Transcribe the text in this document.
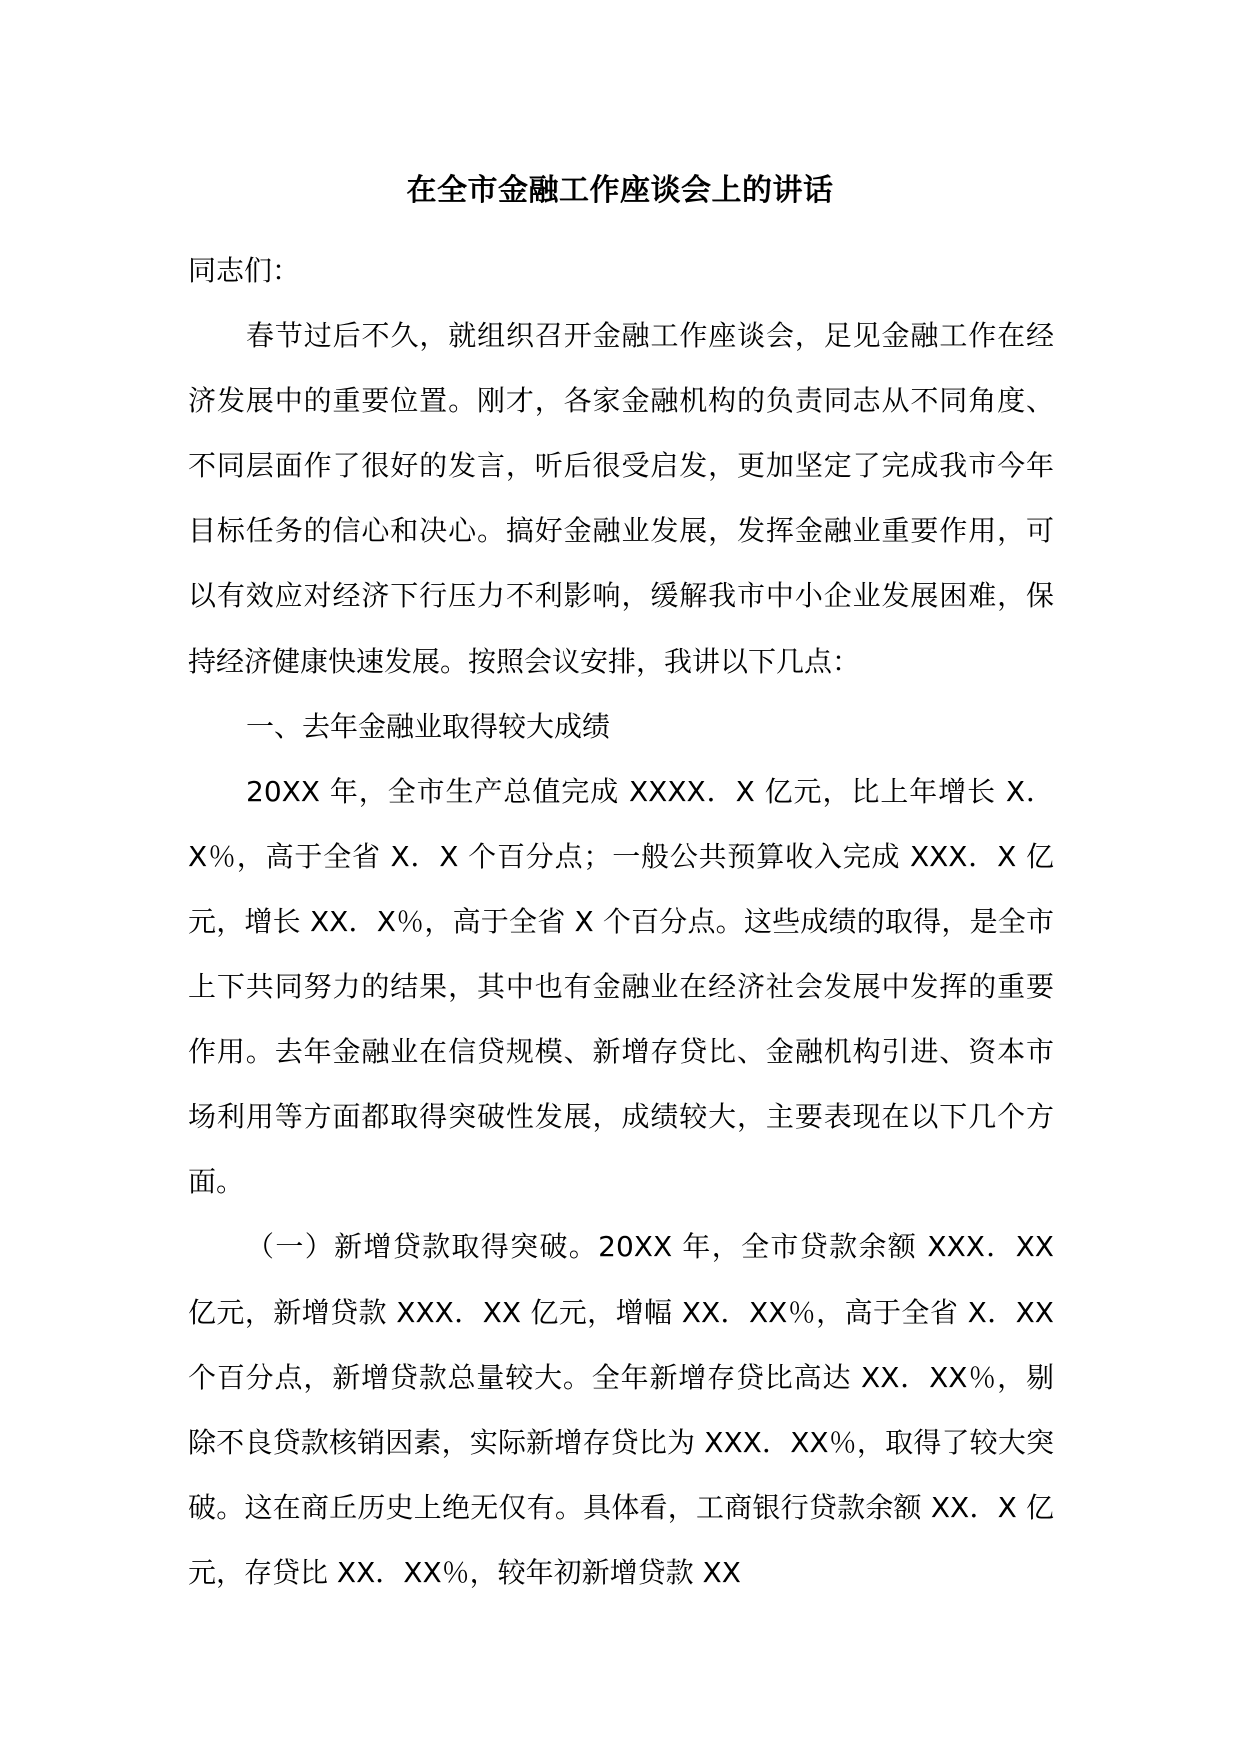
在全市金融工作座谈会上的讲话

同志们：

春节过后不久，就组织召开金融工作座谈会，足见金融工作在经济发展中的重要位置。刚才，各家金融机构的负责同志从不同角度、不同层面作了很好的发言，听后很受启发，更加坚定了完成我市今年目标任务的信心和决心。搞好金融业发展，发挥金融业重要作用，可以有效应对经济下行压力不利影响，缓解我市中小企业发展困难，保持经济健康快速发展。按照会议安排，我讲以下几点：

一、去年金融业取得较大成绩

20XX 年，全市生产总值完成 XXXX．X 亿元，比上年增长 X．X％，高于全省 X．X 个百分点；一般公共预算收入完成 XXX．X 亿元，增长 XX．X％，高于全省 X 个百分点。这些成绩的取得，是全市上下共同努力的结果，其中也有金融业在经济社会发展中发挥的重要作用。去年金融业在信贷规模、新增存贷比、金融机构引进、资本市场利用等方面都取得突破性发展，成绩较大，主要表现在以下几个方面。

（一）新增贷款取得突破。20XX 年，全市贷款余额 XXX．XX 亿元，新增贷款 XXX．XX 亿元，增幅 XX．XX％，高于全省 X．XX 个百分点，新增贷款总量较大。全年新增存贷比高达 XX．XX％，剔除不良贷款核销因素，实际新增存贷比为 XXX．XX％，取得了较大突破。这在商丘历史上绝无仅有。具体看，工商银行贷款余额 XX．X 亿元，存贷比 XX．XX％，较年初新增贷款 XX
